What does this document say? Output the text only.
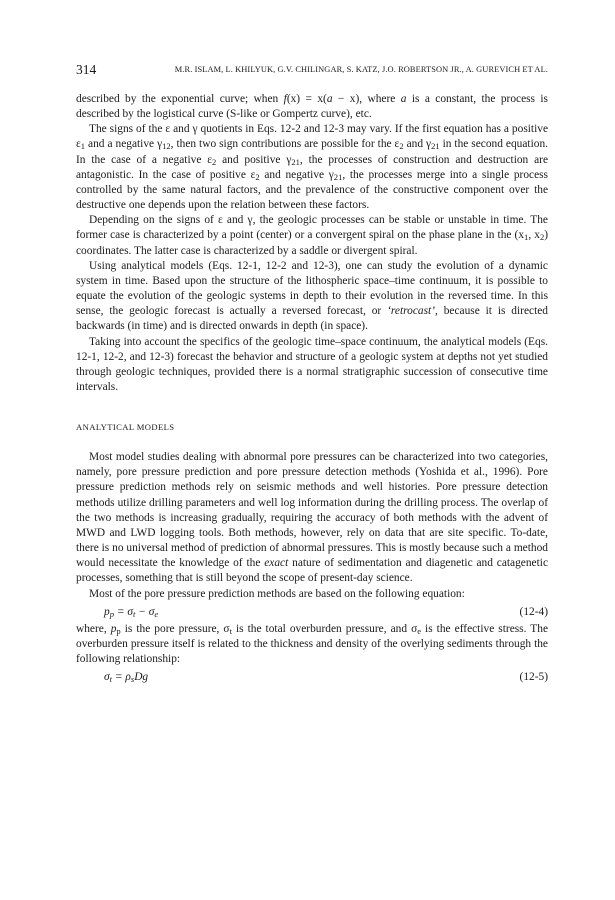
314	M.R. ISLAM, L. KHILYUK, G.V. CHILINGAR, S. KATZ, J.O. ROBERTSON JR., A. GUREVICH ET AL.

described by the exponential curve; when f(x) = x(a − x), where a is a constant, the process is described by the logistical curve (S-like or Gompertz curve), etc.

The signs of the ε and γ quotients in Eqs. 12-2 and 12-3 may vary. If the first equation has a positive $\varepsilon_1$ and a negative $\gamma_{12}$, then two sign contributions are possible for the $\varepsilon_2$ and $\gamma_{21}$ in the second equation. In the case of a negative $\varepsilon_2$ and positive $\gamma_{21}$, the processes of construction and destruction are antagonistic. In the case of positive $\varepsilon_2$ and negative $\gamma_{21}$, the processes merge into a single process controlled by the same natural factors, and the prevalence of the constructive component over the destructive one depends upon the relation between these factors.

Depending on the signs of ε and γ, the geologic processes can be stable or unstable in time. The former case is characterized by a point (center) or a convergent spiral on the phase plane in the ($x_1$, $x_2$) coordinates. The latter case is characterized by a saddle or divergent spiral.

Using analytical models (Eqs. 12-1, 12-2 and 12-3), one can study the evolution of a dynamic system in time. Based upon the structure of the lithospheric space–time continuum, it is possible to equate the evolution of the geologic systems in depth to their evolution in the reversed time. In this sense, the geologic forecast is actually a reversed forecast, or ‘retrocast’, because it is directed backwards (in time) and is directed onwards in depth (in space).

Taking into account the specifics of the geologic time–space continuum, the analytical models (Eqs. 12-1, 12-2, and 12-3) forecast the behavior and structure of a geologic system at depths not yet studied through geologic techniques, provided there is a normal stratigraphic succession of consecutive time intervals.

ANALYTICAL MODELS

Most model studies dealing with abnormal pore pressures can be characterized into two categories, namely, pore pressure prediction and pore pressure detection methods (Yoshida et al., 1996). Pore pressure prediction methods rely on seismic methods and well histories. Pore pressure detection methods utilize drilling parameters and well log information during the drilling process. The overlap of the two methods is increasing gradually, requiring the accuracy of both methods with the advent of MWD and LWD logging tools. Both methods, however, rely on data that are site specific. To-date, there is no universal method of prediction of abnormal pressures. This is mostly because such a method would necessitate the knowledge of the exact nature of sedimentation and diagenetic and catagenetic processes, something that is still beyond the scope of present-day science.

Most of the pore pressure prediction methods are based on the following equation:

$p_p = \sigma_t - \sigma_e$	(12-4)

where, $p_p$ is the pore pressure, $\sigma_t$ is the total overburden pressure, and $\sigma_e$ is the effective stress. The overburden pressure itself is related to the thickness and density of the overlying sediments through the following relationship:

$\sigma_t = \rho_sDg$	(12-5)
